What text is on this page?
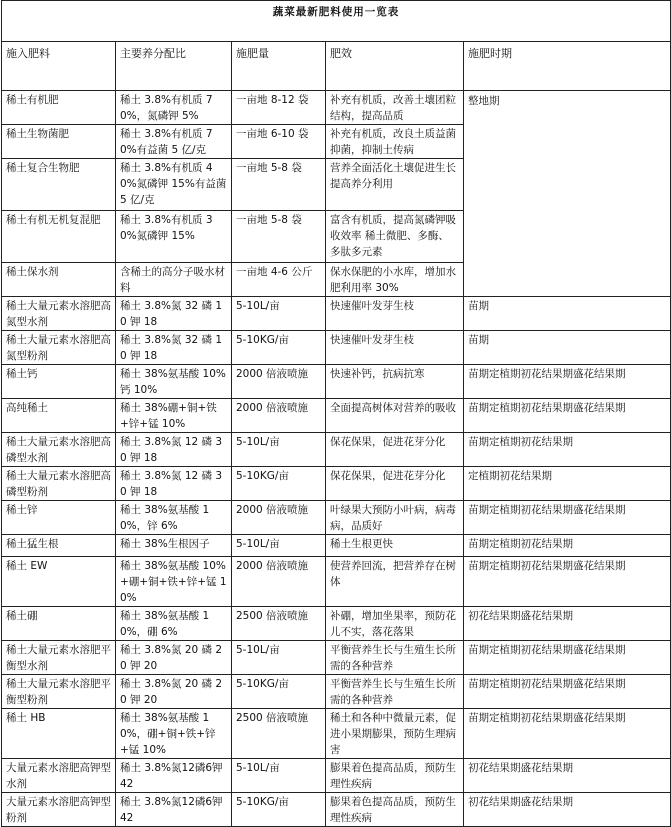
蔬菜最新肥料使用一览表				

施入肥料	主要养分配比	施肥量	肥效	施肥时期
稀土有机肥	稀土 3.8%有机质 70%，氮磷钾 5%	一亩地 8-12 袋	补充有机质，改善土壤团粒结构，提高品质	整地期
稀土生物菌肥	稀土 3.8%有机质 70%有益菌 5 亿/克	一亩地 6-10 袋	补充有机质，改良土质益菌抑菌，抑制土传病	
稀土复合生物肥	稀土 3.8%有机质 40%氮磷钾 15%有益菌 5 亿/克	一亩地 5-8 袋	营养全面活化土壤促进生长提高养分利用	
稀土有机无机复混肥	稀土 3.8%有机质 30%氮磷钾 15%	一亩地 5-8 袋	富含有机质，提高氮磷钾吸收效率 稀土微肥、多酶、多肽多元素	
稀土保水剂	含稀土的高分子吸水材料	一亩地 4-6 公斤	保水保肥的小水库，增加水肥利用率 30%	
稀土大量元素水溶肥高氮型水剂	稀土 3.8%氮 32 磷 10 钾 18	5-10L/亩	快速催叶发芽生枝	苗期
稀土大量元素水溶肥高氮型粉剂	稀土 3.8%氮 32 磷 10 钾 18	5-10KG/亩	快速催叶发芽生枝	苗期
稀土钙	稀土 38%氨基酸 10%钙 10%	2000 倍液喷施	快速补钙，抗病抗寒	苗期定植期初花结果期盛花结果期
高纯稀土	稀土 38%硼+铜+铁+锌+锰 10%	2000 倍液喷施	全面提高树体对营养的吸收	苗期定植期初花结果期盛花结果期
稀土大量元素水溶肥高磷型水剂	稀土 3.8%氮 12 磷 30 钾 18	5-10L/亩	保花保果，促进花芽分化	苗期定植期初花结果期
稀土大量元素水溶肥高磷型粉剂	稀土 3.8%氮 12 磷 30 钾 18	5-10KG/亩	保花保果，促进花芽分化	定植期初花结果期
稀土锌	稀土 38%氨基酸 10%，锌 6%	2000 倍液喷施	叶绿果大预防小叶病，病毒病，品质好	苗期定植期初花结果期盛花结果期
稀土猛生根	稀土 38%生根因子	5-10L/亩	稀土生根更快	苗期定植期初花结果期
稀土 EW	稀土 38%氨基酸 10%+硼+铜+铁+锌+锰 10%	2000 倍液喷施	使营养回流，把营养存在树体	苗期定植期初花结果期盛花结果期
稀土硼	稀土 38%氨基酸 10%，硼 6%	2500 倍液喷施	补硼，增加坐果率，预防花儿不实，落花落果	初花结果期盛花结果期
稀土大量元素水溶肥平衡型水剂	稀土 3.8%氮 20 磷 20 钾 20	5-10L/亩	平衡营养生长与生殖生长所需的各种营养	苗期定植期初花结果期盛花结果期
稀土大量元素水溶肥平衡型粉剂	稀土 3.8%氮 20 磷 20 钾 20	5-10KG/亩	平衡营养生长与生殖生长所需的各种营养	苗期定植期初花结果期盛花结果期
稀土 HB	稀土 38%氨基酸 10%，硼+铜+铁+锌+锰 10%	2500 倍液喷施	稀土和各种中微量元素，促进小果期膨果，预防生理病害	苗期定植期初花结果期盛花结果期
大量元素水溶肥高钾型水剂	稀土 3.8%氮12磷6钾 42	5-10L/亩	膨果着色提高品质，预防生理性疾病	初花结果期盛花结果期
大量元素水溶肥高钾型粉剂	稀土 3.8%氮12磷6钾 42	5-10KG/亩	膨果着色提高品质，预防生理性疾病	初花结果期盛花结果期
